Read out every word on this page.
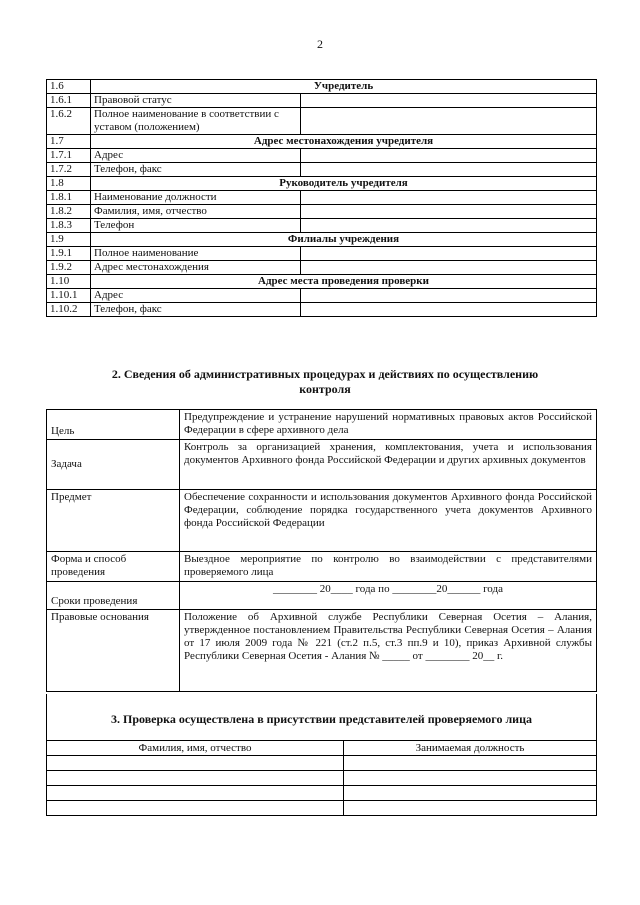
2
1.6	Учредитель	
1.6.1	Правовой статус	
1.6.2	Полное наименование в соответствии с уставом (положением)	
1.7	Адрес местонахождения учредителя	
1.7.1	Адрес	
1.7.2	Телефон, факс	
1.8	Руководитель учредителя	
1.8.1	Наименование должности	
1.8.2	Фамилия, имя, отчество	
1.8.3	Телефон	
1.9	Филиалы учреждения	
1.9.1	Полное наименование	
1.9.2	Адрес местонахождения	
1.10	Адрес места проведения проверки	
1.10.1	Адрес	
1.10.2	Телефон, факс	
2. Сведения об административных процедурах и действиях по осуществлению контроля
Цель	Предупреждение и устранение нарушений нормативных правовых актов Российской Федерации в сфере архивного дела
Задача	Контроль за организацией хранения, комплектования, учета и использования документов Архивного фонда Российской Федерации и других архивных документов
Предмет	Обеспечение сохранности и использования документов Архивного фонда Российской Федерации, соблюдение порядка государственного учета документов Архивного фонда Российской Федерации
Форма и способ проведения	Выездное мероприятие по контролю во взаимодействии с представителями проверяемого лица
Сроки проведения	________ 20____ года по ________20______ года
Правовые основания	Положение об Архивной службе Республики Северная Осетия – Алания, утвержденное постановлением Правительства Республики Северная Осетия – Алания от 17 июля 2009 года № 221 (ст.2 п.5, ст.3 пп.9 и 10), приказ Архивной службы Республики Северная Осетия - Алания № _____ от ________ 20__ г.
3. Проверка осуществлена в присутствии представителей проверяемого лица
Фамилия, имя, отчество	Занимаемая должность
